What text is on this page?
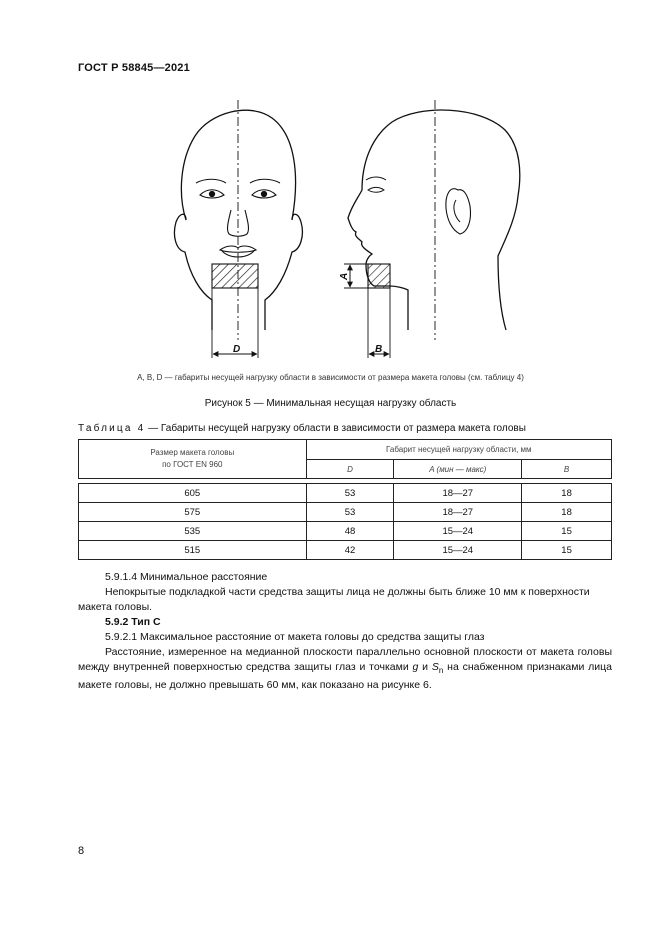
ГОСТ Р 58845—2021
D	B
A
A, B, D — габариты несущей нагрузку области в зависимости от размера макета головы (см. таблицу 4)
Рисунок 5 — Минимальная несущая нагрузку область
Таблица 4 — Габариты несущей нагрузку области в зависимости от размера макета головы
Размер макета головы
по ГОСТ EN 960	Габарит несущей нагрузку области, мм		
	D	A (мин — макс)	B

605	53	18—27	18
575	53	18—27	18
535	48	15—24	15
515	42	15—24	15
5.9.1.4 Минимальное расстояние
Непокрытые подкладкой части средства защиты лица не должны быть ближе 10 мм к поверхности макета головы.
5.9.2 Тип С
5.9.2.1 Максимальное расстояние от макета головы до средства защиты глаз
Расстояние, измеренное на медианной плоскости параллельно основной плоскости от макета головы между внутренней поверхностью средства защиты глаз и точками g и $S_n$ на снабженном признаками лица макете головы, не должно превышать 60 мм, как показано на рисунке 6.
8
